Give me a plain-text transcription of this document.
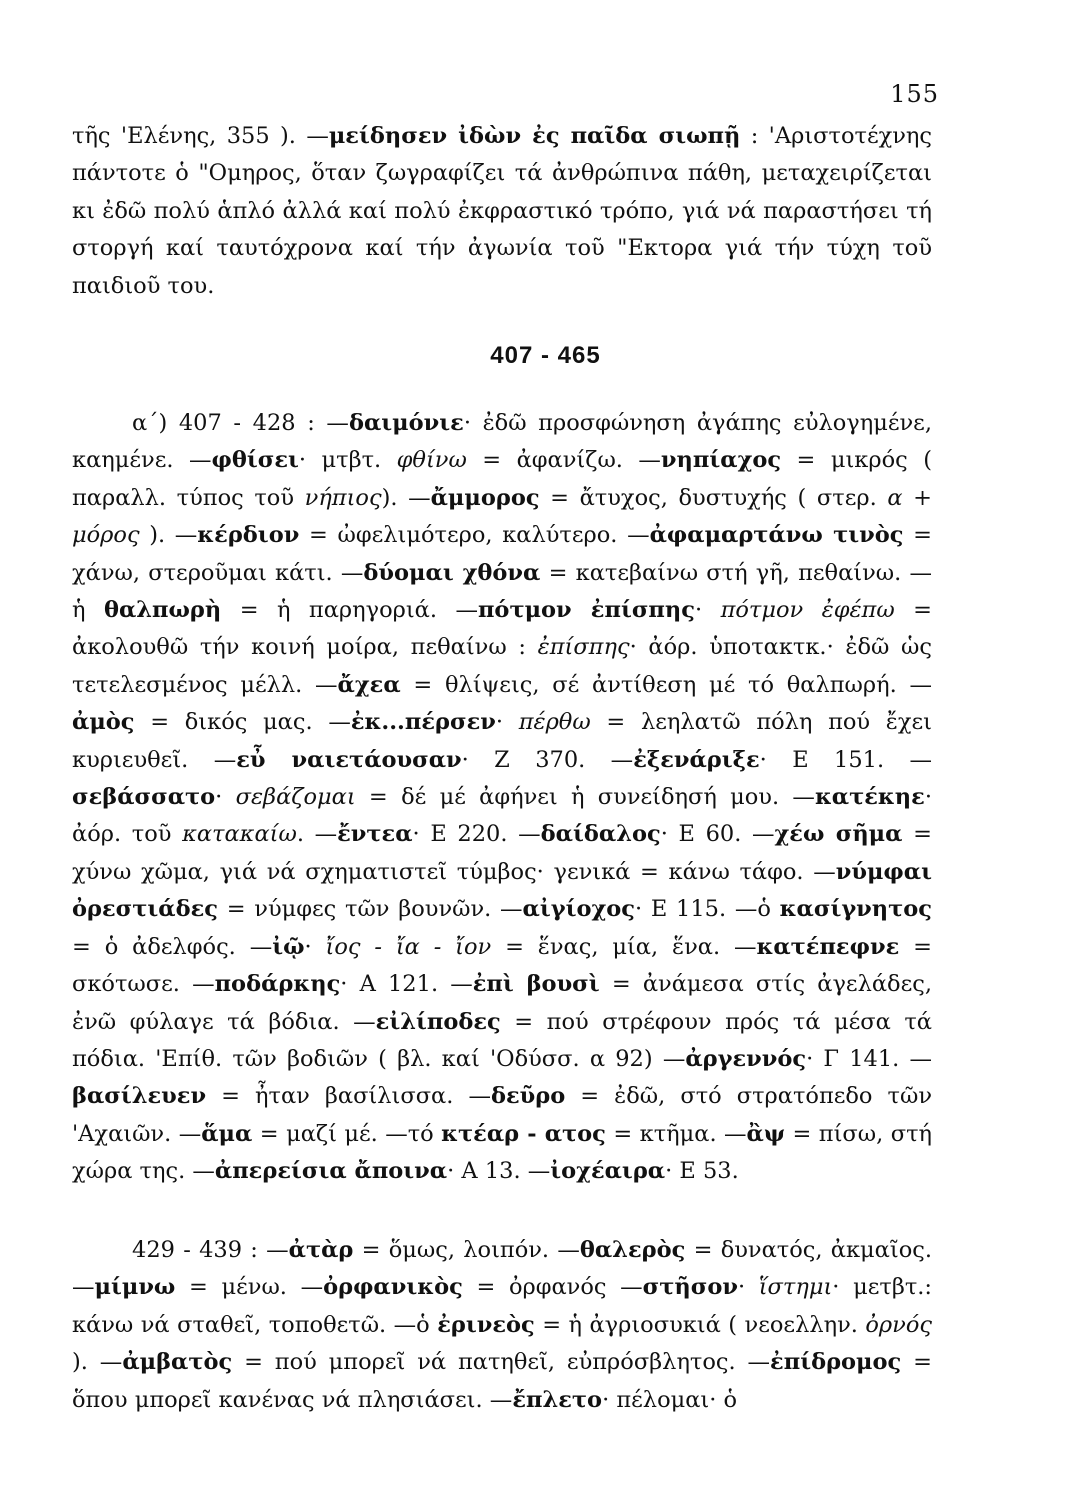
155

τῆς 'Ελένης, 355 ). —μείδησεν ἰδὼν ἐς παῖδα σιωπῇ : 'Αριστοτέχνης πάντοτε ὁ "Ομηρος, ὅταν ζωγραφίζει τά ἀνθρώπινα πάθη, μεταχειρίζεται κι ἐδῶ πολύ ἁπλό ἀλλά καί πολύ ἐκφραστικό τρόπο, γιά νά παραστήσει τή στοργή καί ταυτόχρονα καί τήν ἀγωνία τοῦ "Εκτορα γιά τήν τύχη τοῦ παιδιοῦ του.

407 - 465

α΄) 407 - 428 : —δαιμόνιε· ἐδῶ προσφώνηση ἀγάπης εὐλογημένε, καημένε. —φθίσει· μτβτ. φθίνω = ἀφανίζω. —νηπίαχος = μικρός ( παραλλ. τύπος τοῦ νήπιος). —ἄμμορος = ἄτυχος, δυστυχής ( στερ. α + μόρος ). —κέρδιον = ὠφελιμότερο, καλύτερο. —ἀφαμαρτάνω τινὸς = χάνω, στεροῦμαι κάτι. —δύομαι χθόνα = κατεβαίνω στή γῆ, πεθαίνω. —ἡ θαλπωρὴ = ἡ παρηγοριά. —πότμον ἐπίσπης· πότμον ἐφέπω = ἀκολουθῶ τήν κοινή μοίρα, πεθαίνω : ἐπίσπης· ἀόρ. ὑποτακτκ.· ἐδῶ ὡς τετελεσμένος μέλλ. —ἄχεα = θλίψεις, σέ ἀντίθεση μέ τό θαλπωρή. —ἀμὸς = δικός μας. —ἐκ...πέρσεν· πέρθω = λεηλατῶ πόλη πού ἔχει κυριευθεῖ. —εὖ ναιετάουσαν· Ζ 370. —ἐξενάριξε· Ε 151. —σεβάσσατο· σεβάζομαι = δέ μέ ἀφήνει ἡ συνείδησή μου. —κατέκηε· ἀόρ. τοῦ κατακαίω. —ἔντεα· Ε 220. —δαίδαλος· Ε 60. —χέω σῆμα = χύνω χῶμα, γιά νά σχηματιστεῖ τύμβος· γενικά = κάνω τάφο. —νύμφαι ὀρεστιάδες = νύμφες τῶν βουνῶν. —αἰγίοχος· Ε 115. —ὁ κασίγνητος = ὁ ἀδελφός. —ἰῷ· ἴος - ἴα - ἴον = ἕνας, μία, ἕνα. —κατέπεφνε = σκότωσε. —ποδάρκης· Α 121. —ἐπὶ βουσὶ = ἀνάμεσα στίς ἀγελάδες, ἐνῶ φύλαγε τά βόδια. —εἰλίποδες = πού στρέφουν πρός τά μέσα τά πόδια. 'Επίθ. τῶν βοδιῶν ( βλ. καί 'Οδύσσ. α 92) —ἀργεννός· Γ 141. —βασίλευεν = ἦταν βασίλισσα. —δεῦρο = ἐδῶ, στό στρατόπεδο τῶν 'Αχαιῶν. —ἅμα = μαζί μέ. —τό κτέαρ - ατος = κτῆμα. —ἂψ = πίσω, στή χώρα της. —ἀπερείσια ἄποινα· Α 13. —ἰοχέαιρα· Ε 53.

429 - 439 : —ἀτὰρ = ὅμως, λοιπόν. —θαλερὸς = δυνατός, ἀκμαῖος. —μίμνω = μένω. —ὀρφανικὸς = ὀρφανός —στῆσον· ἵστημι· μετβτ.: κάνω νά σταθεῖ, τοποθετῶ. —ὁ ἐρινεὸς = ἡ ἀγριοσυκιά ( νεοελλην. ὀρνός ). —ἀμβατὸς = πού μπορεῖ νά πατηθεῖ, εὐπρόσβλητος. —ἐπίδρομος = ὅπου μπορεῖ κανένας νά πλησιάσει. —ἔπλετο· πέλομαι· ὁ
